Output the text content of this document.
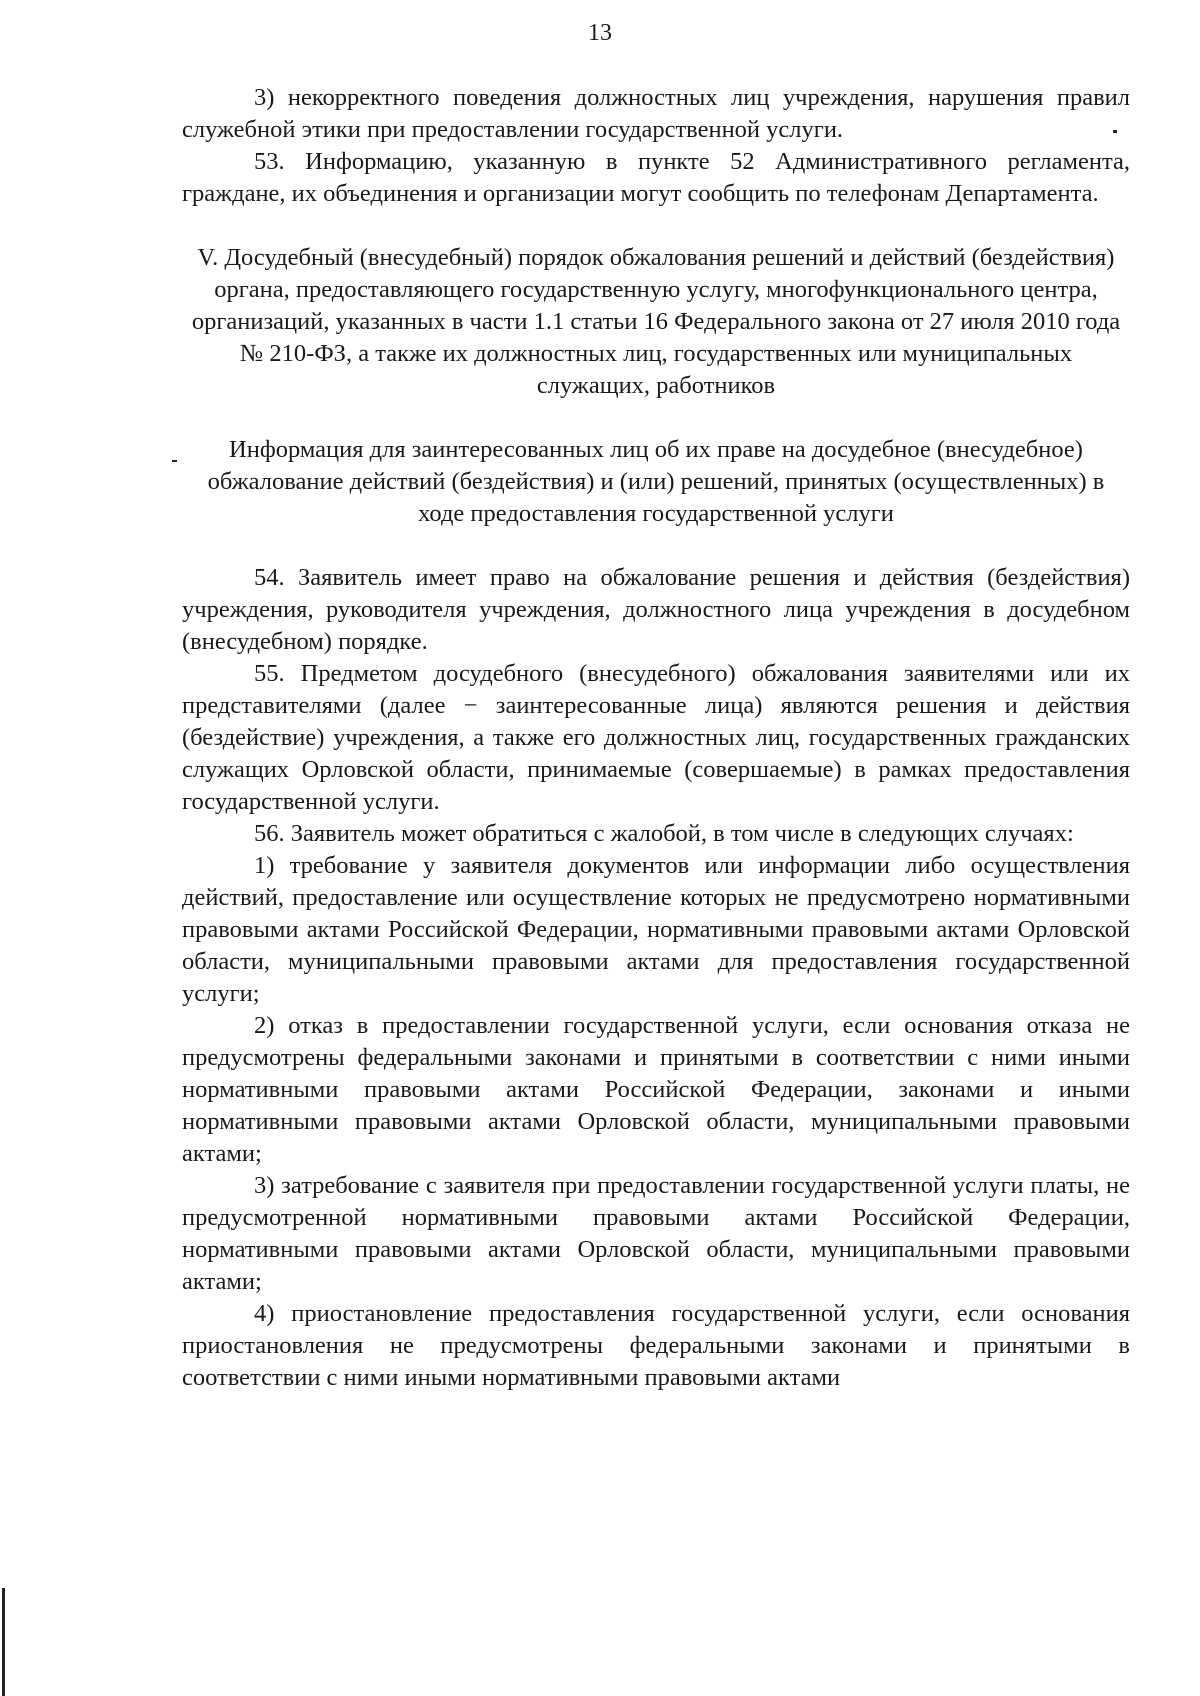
13

3) некорректного поведения должностных лиц учреждения, нарушения правил служебной этики при предоставлении государственной услуги.

53. Информацию, указанную в пункте 52 Административного регламента, граждане, их объединения и организации могут сообщить по телефонам Департамента.

V. Досудебный (внесудебный) порядок обжалования решений и действий (бездействия) органа, предоставляющего государственную услугу, многофункционального центра, организаций, указанных в части 1.1 статьи 16 Федерального закона от 27 июля 2010 года № 210-ФЗ, а также их должностных лиц, государственных или муниципальных служащих, работников

Информация для заинтересованных лиц об их праве на досудебное (внесудебное) обжалование действий (бездействия) и (или) решений, принятых (осуществленных) в ходе предоставления государственной услуги

54. Заявитель имеет право на обжалование решения и действия (бездействия) учреждения, руководителя учреждения, должностного лица учреждения в досудебном (внесудебном) порядке.

55. Предметом досудебного (внесудебного) обжалования заявителями или их представителями (далее − заинтересованные лица) являются решения и действия (бездействие) учреждения, а также его должностных лиц, государственных гражданских служащих Орловской области, принимаемые (совершаемые) в рамках предоставления государственной услуги.

56. Заявитель может обратиться с жалобой, в том числе в следующих случаях:

1) требование у заявителя документов или информации либо осуществления действий, предоставление или осуществление которых не предусмотрено нормативными правовыми актами Российской Федерации, нормативными правовыми актами Орловской области, муниципальными правовыми актами для предоставления государственной услуги;

2) отказ в предоставлении государственной услуги, если основания отказа не предусмотрены федеральными законами и принятыми в соответствии с ними иными нормативными правовыми актами Российской Федерации, законами и иными нормативными правовыми актами Орловской области, муниципальными правовыми актами;

3) затребование с заявителя при предоставлении государственной услуги платы, не предусмотренной нормативными правовыми актами Российской Федерации, нормативными правовыми актами Орловской области, муниципальными правовыми актами;

4) приостановление предоставления государственной услуги, если основания приостановления не предусмотрены федеральными законами и принятыми в соответствии с ними иными нормативными правовыми актами
